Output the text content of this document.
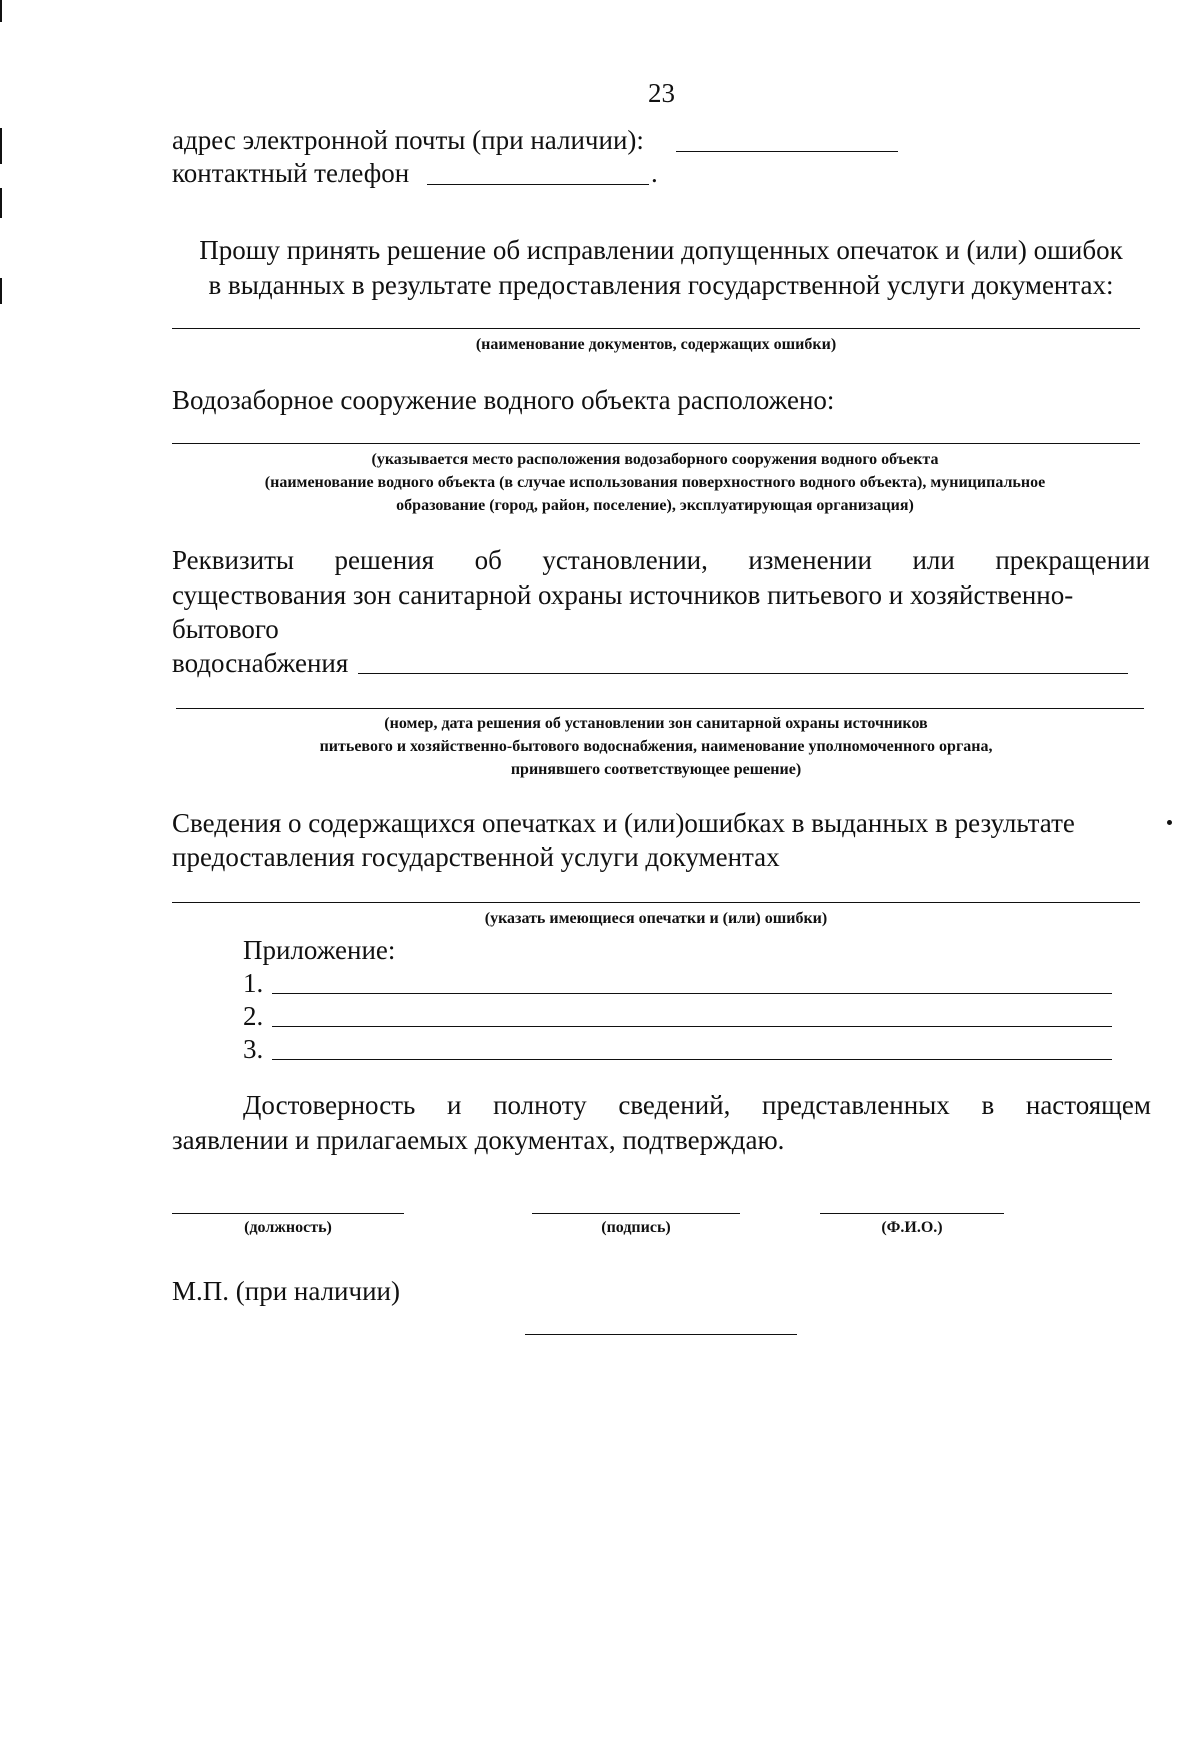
23
адрес электронной почты (при наличии):
контактный телефон	.
Прошу принять решение об исправлении допущенных опечаток и (или) ошибок
в выданных в результате предоставления государственной услуги документах:
(наименование документов, содержащих ошибки)
Водозаборное сооружение водного объекта расположено:
(указывается место расположения водозаборного сооружения водного объекта
(наименование водного объекта (в случае использования поверхностного водного объекта), муниципальное
образование (город, район, поселение), эксплуатирующая организация)
Реквизиты решения об установлении, изменении или прекращении
существования зон санитарной охраны источников питьевого и хозяйственно-
бытового
водоснабжения
(номер, дата решения об установлении зон санитарной охраны источников
питьевого и хозяйственно-бытового водоснабжения, наименование уполномоченного органа,
принявшего соответствующее решение)
Сведения о содержащихся опечатках и (или)ошибках в выданных в результате
предоставления государственной услуги документах
(указать имеющиеся опечатки и (или) ошибки)
Приложение:
1.
2.
3.
Достоверность и полноту сведений, представленных в настоящем
заявлении и прилагаемых документах, подтверждаю.
(должность)	(подпись)	(Ф.И.О.)
М.П. (при наличии)
